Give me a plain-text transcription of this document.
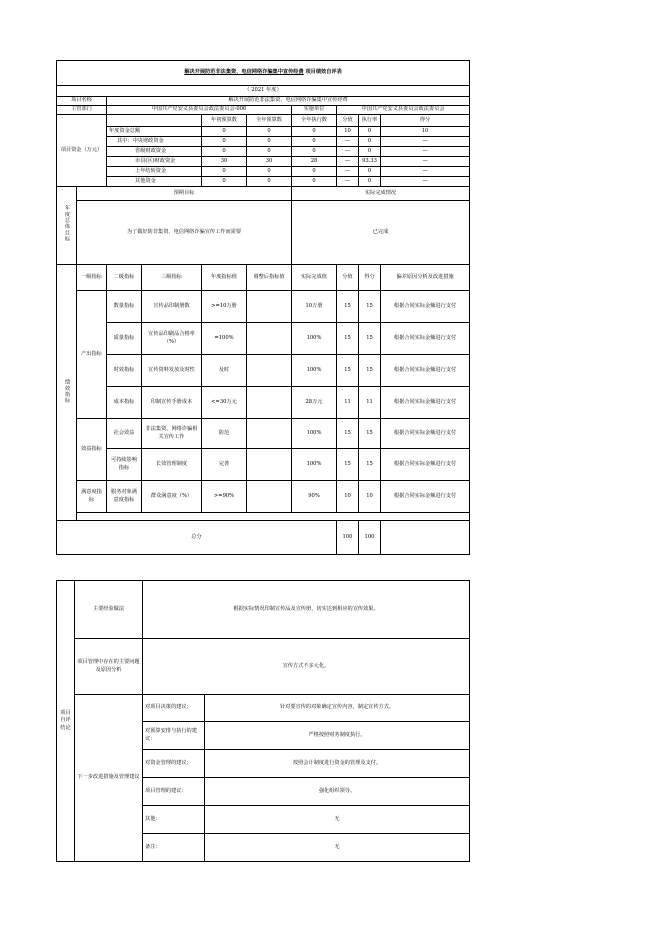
解决开展防范非法集资、电信网络诈骗集中宣传经费 项目绩效自评表									
（ 2021 年度）									
项目名称		解决开展防范非法集资、电信网络诈骗集中宣传经费							
主管部门		中国共产党安义县委员会政法委员会-006				实施单位	中国共产党安义县委员会政法委员会		
项目资金（万元）				年初预算数	全年预算数	全年执行数	分值	执行率	得分
		年度资金总额		0	0	0	10	0	10
		其中：中央财政资金		0	0	0	—	0	—
		省级财政资金		0	0	0	—	0	—
		市县(区)财政资金		30	30	28	—	93.33	—
		上年结转资金		0	0	0	—	0	—
		其他资金		0	0	0	—	0	—
年度总体目标	预期目标					实际完成情况			
	为了做好防非集资、电信网络诈骗宣传工作而需要					已完成			
绩效指标	一级指标	二级指标	三级指标	年度指标值	调整后指标值	实际完成值	分值	得分	偏差原因分析及改进措施
	产出指标	数量指标	宣传品印制册数	>=10万册		10万册	15	15	根据合同实际金额进行支付
		质量指标	宣传品印刷品合格率（%）	=100%		100%	15	15	根据合同实际金额进行支付
		时效指标	宣传资料发放及时性	及时		100%	15	15	根据合同实际金额进行支付
		成本指标	印制宣传手册成本	<=30万元		28万元	11	11	根据合同实际金额进行支付
	效益指标	社会效益	非法集资、网络诈骗相关宣传工作	防范		100%	15	15	根据合同实际金额进行支付
		可持续影响指标	长效管理制度	完善		100%	15	15	根据合同实际金额进行支付
	满意度指标	服务对象满意度指标	群众满意度（%）	>=90%		90%	10	10	根据合同实际金额进行支付

总分							100	100	
项目自评结论	主要经验做法	根据实际情况印制宣传品及宣传册，切实达到相应的宣传效果。	
	项目管理中存在的主要问题及原因分析	宣传方式不多元化。	
	下一步改进措施及管理建议	对项目决策的建议：	针对要宣传的对象确定宣传内容，制定宣传方式。
		对预算安排与执行的建议：	严格按照财务制度执行。
		对资金管理的建议：	按照会计制度进行资金的管理及支付。
		项目管理的建议：	强化组织领导。
		其他：	无
		备注：	无
